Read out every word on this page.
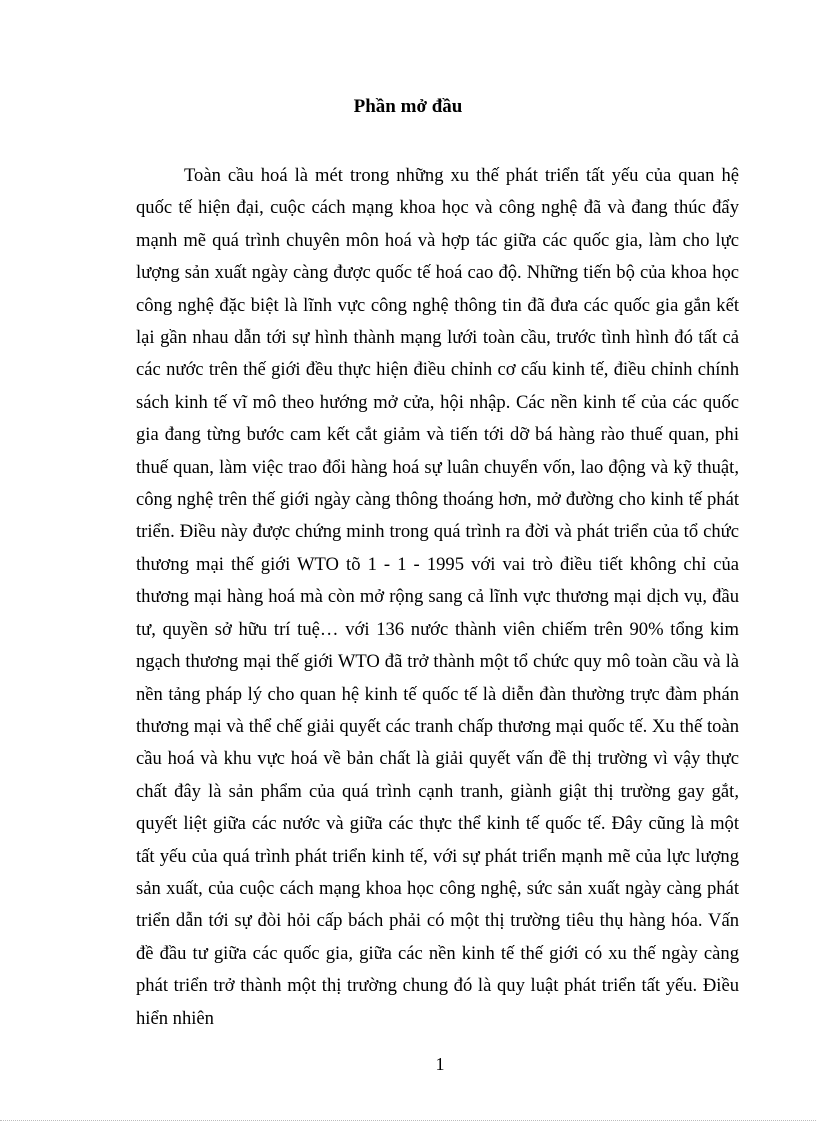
Phần mở đầu

Toàn cầu hoá là mét trong những xu thế phát triển tất yếu của quan hệ quốc tế hiện đại, cuộc cách mạng khoa học và công nghệ đã và đang thúc đẩy mạnh mẽ quá trình chuyên môn hoá và hợp tác giữa các quốc gia, làm cho lực lượng sản xuất ngày càng được quốc tế hoá cao độ. Những tiến bộ của khoa học công nghệ đặc biệt là lĩnh vực công nghệ thông tin đã đưa các quốc gia gắn kết lại gần nhau dẫn tới sự hình thành mạng lưới toàn cầu, trước tình hình đó tất cả các nước trên thế giới đều thực hiện điều chỉnh cơ cấu kinh tế, điều chỉnh chính sách kinh tế vĩ mô theo hướng mở cửa, hội nhập. Các nền kinh tế của các quốc gia đang từng bước cam kết cắt giảm và tiến tới dỡ bá hàng rào thuế quan, phi thuế quan, làm việc trao đổi hàng hoá sự luân chuyển vốn, lao động và kỹ thuật, công nghệ trên thế giới ngày càng thông thoáng hơn, mở đường cho kinh tế phát triển. Điều này được chứng minh trong quá trình ra đời và phát triển của tổ chức thương mại thế giới WTO tõ 1 - 1 - 1995 với vai trò điều tiết không chỉ của thương mại hàng hoá mà còn mở rộng sang cả lĩnh vực thương mại dịch vụ, đầu tư, quyền sở hữu trí tuệ… với 136 nước thành viên chiếm trên 90% tổng kim ngạch thương mại thế giới WTO đã trở thành một tổ chức quy mô toàn cầu và là nền tảng pháp lý cho quan hệ kinh tế quốc tế là diễn đàn thường trực đàm phán thương mại và thể chế giải quyết các tranh chấp thương mại quốc tế. Xu thế toàn cầu hoá và khu vực hoá về bản chất là giải quyết vấn đề thị trường vì vậy thực chất đây là sản phẩm của quá trình cạnh tranh, giành giật thị trường gay gắt, quyết liệt giữa các nước và giữa các thực thể kinh tế quốc tế. Đây cũng là một tất yếu của quá trình phát triển kinh tế, với sự phát triển mạnh mẽ của lực lượng sản xuất, của cuộc cách mạng khoa học công nghệ, sức sản xuất ngày càng phát triển dẫn tới sự đòi hỏi cấp bách phải có một thị trường tiêu thụ hàng hóa. Vấn đề đầu tư giữa các quốc gia, giữa các nền kinh tế thế giới có xu thế ngày càng phát triển trở thành một thị trường chung đó là quy luật phát triển tất yếu. Điều hiển nhiên

1
